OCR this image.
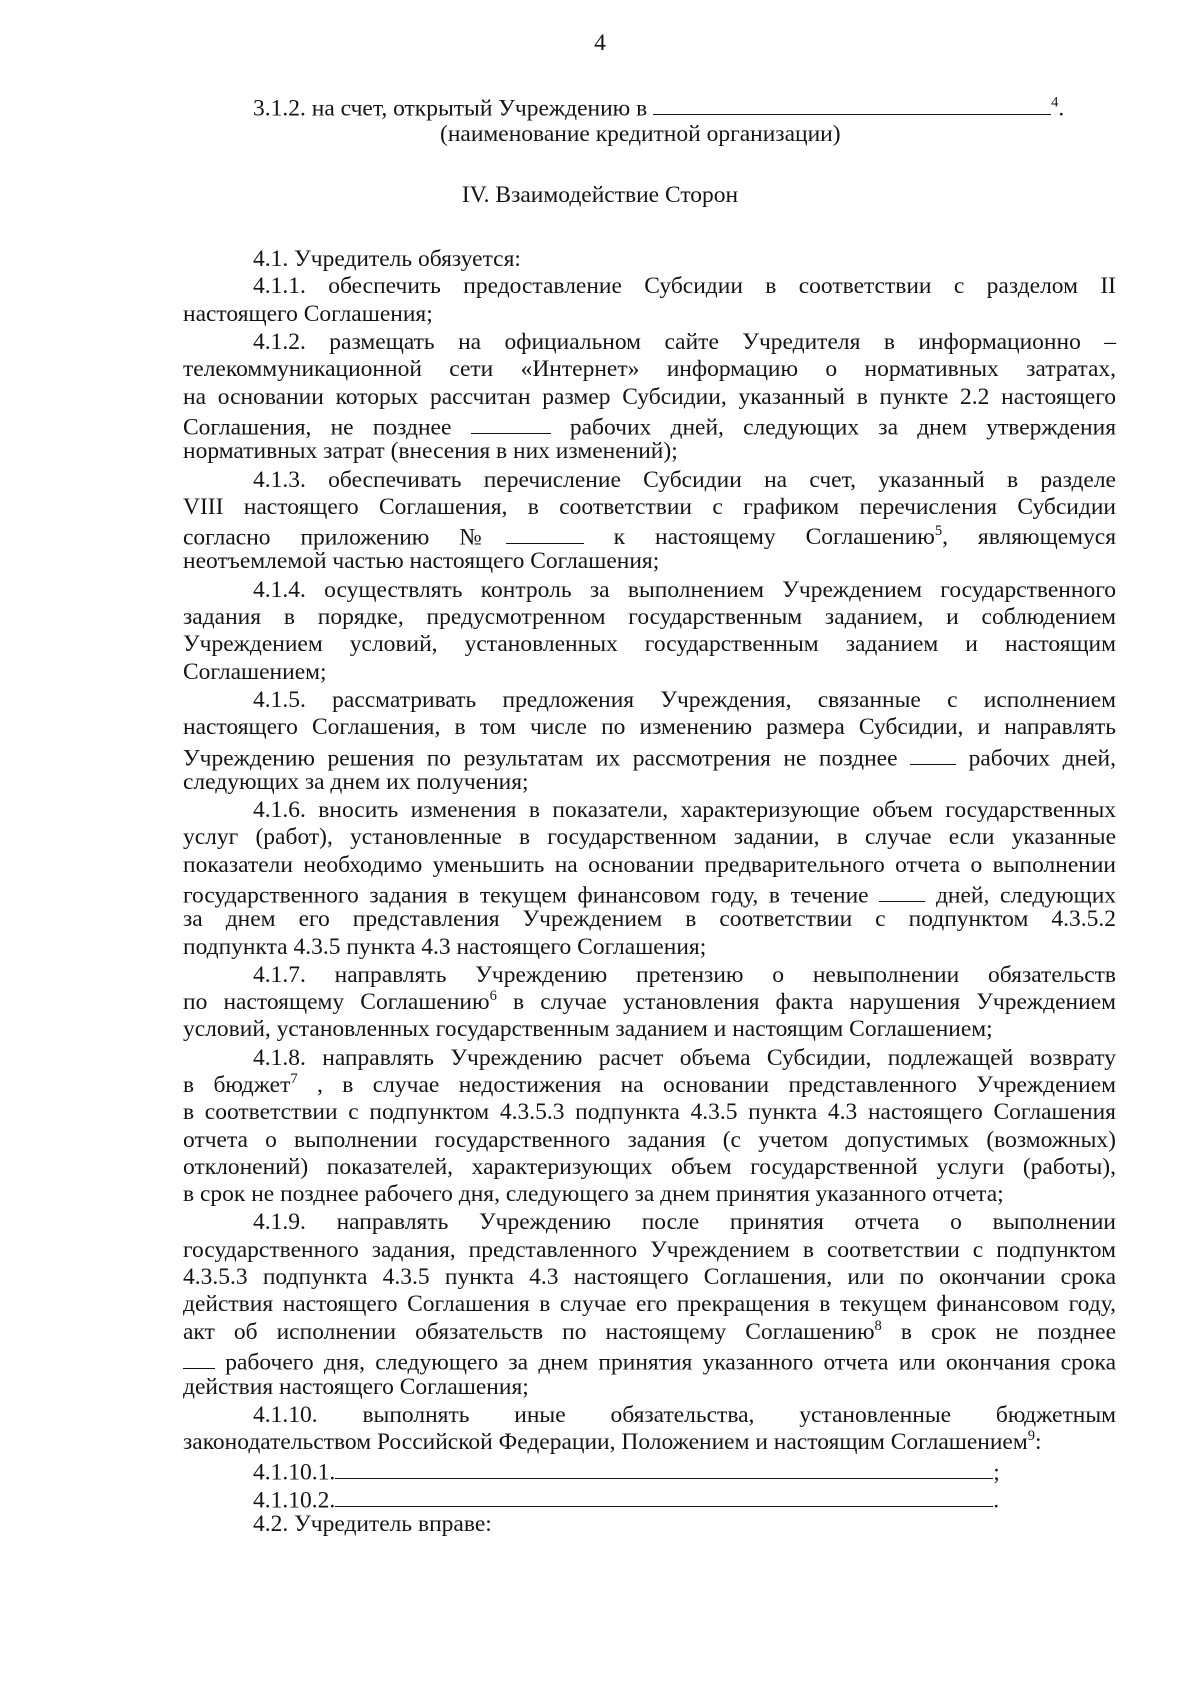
4
3.1.2. на счет, открытый Учреждению в	$^4$.
(наименование кредитной организации)
IV. Взаимодействие Сторон
4.1. Учредитель обязуется:
4.1.1. обеспечить предоставление Субсидии в соответствии с разделом II
настоящего Соглашения;
4.1.2. размещать на официальном сайте Учредителя в информационно –
телекоммуникационной сети «Интернет» информацию о нормативных затратах,
на основании которых рассчитан размер Субсидии, указанный в пункте 2.2 настоящего
Соглашения, не позднее	рабочих дней, следующих за днем утверждения
нормативных затрат (внесения в них изменений);
4.1.3. обеспечивать перечисление Субсидии на счет, указанный в разделе
VIII настоящего Соглашения, в соответствии с графиком перечисления Субсидии
согласно приложению №	к настоящему Соглашению$^5$, являющемуся
неотъемлемой частью настоящего Соглашения;
4.1.4. осуществлять контроль за выполнением Учреждением государственного
задания в порядке, предусмотренном государственным заданием, и соблюдением
Учреждением условий, установленных государственным заданием и настоящим
Соглашением;
4.1.5. рассматривать предложения Учреждения, связанные с исполнением
настоящего Соглашения, в том числе по изменению размера Субсидии, и направлять
Учреждению решения по результатам их рассмотрения не позднее	рабочих дней,
следующих за днем их получения;
4.1.6. вносить изменения в показатели, характеризующие объем государственных
услуг (работ), установленные в государственном задании, в случае если указанные
показатели необходимо уменьшить на основании предварительного отчета о выполнении
государственного задания в текущем финансовом году, в течение	дней, следующих
за днем его представления Учреждением в соответствии с подпунктом 4.3.5.2
подпункта 4.3.5 пункта 4.3 настоящего Соглашения;
4.1.7. направлять Учреждению претензию о невыполнении обязательств
по настоящему Соглашению$^6$ в случае установления факта нарушения Учреждением
условий, установленных государственным заданием и настоящим Соглашением;
4.1.8. направлять Учреждению расчет объема Субсидии, подлежащей возврату
в бюджет$^7$ , в случае недостижения на основании представленного Учреждением
в соответствии с подпунктом 4.3.5.3 подпункта 4.3.5 пункта 4.3 настоящего Соглашения
отчета о выполнении государственного задания (с учетом допустимых (возможных)
отклонений) показателей, характеризующих объем государственной услуги (работы),
в срок не позднее рабочего дня, следующего за днем принятия указанного отчета;
4.1.9. направлять Учреждению после принятия отчета о выполнении
государственного задания, представленного Учреждением в соответствии с подпунктом
4.3.5.3 подпункта 4.3.5 пункта 4.3 настоящего Соглашения, или по окончании срока
действия настоящего Соглашения в случае его прекращения в текущем финансовом году,
акт об исполнении обязательств по настоящему Соглашению$^8$ в срок не позднее
рабочего дня, следующего за днем принятия указанного отчета или окончания срока
действия настоящего Соглашения;
4.1.10. выполнять иные обязательства, установленные бюджетным
законодательством Российской Федерации, Положением и настоящим Соглашением$^9$:
4.1.10.1.	;
4.1.10.2.	.
4.2. Учредитель вправе:
